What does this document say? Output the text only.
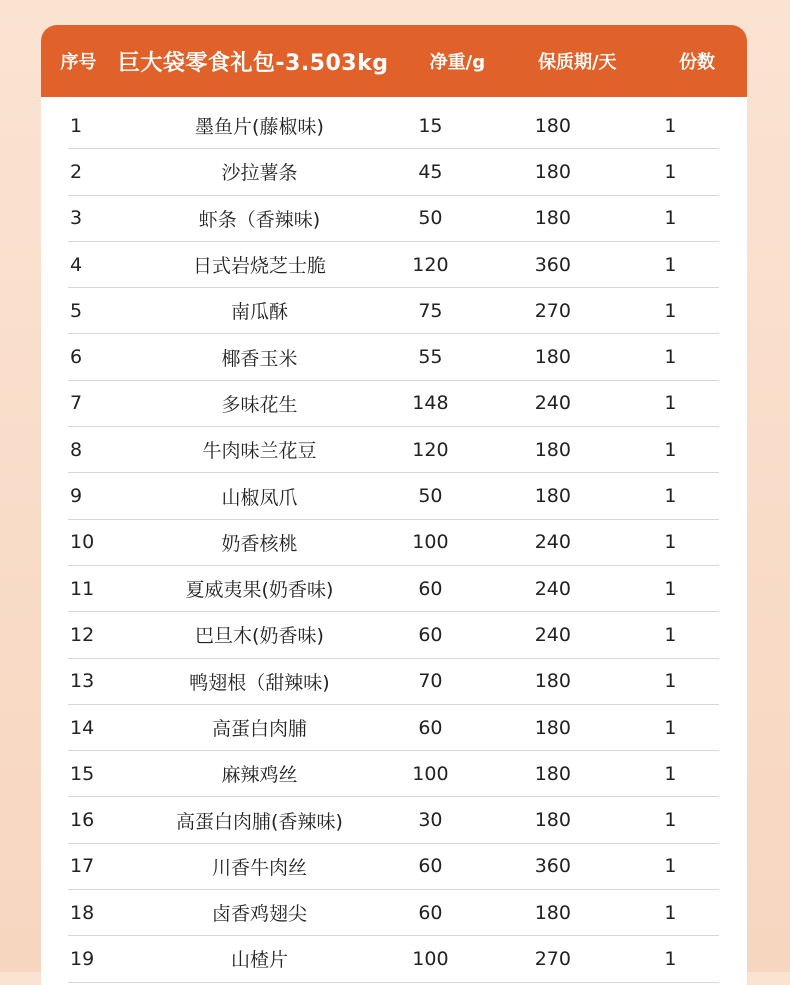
序号 巨大袋零食礼包-3.503kg	净重/g	保质期/天	份数
1	墨鱼片(藤椒味)	15	180	1
2	沙拉薯条	45	180	1
3	虾条（香辣味)	50	180	1
4	日式岩烧芝士脆	120	360	1
5	南瓜酥	75	270	1
6	椰香玉米	55	180	1
7	多味花生	148	240	1
8	牛肉味兰花豆	120	180	1
9	山椒凤爪	50	180	1
10	奶香核桃	100	240	1
11	夏威夷果(奶香味)	60	240	1
12	巴旦木(奶香味)	60	240	1
13	鸭翅根（甜辣味)	70	180	1
14	高蛋白肉脯	60	180	1
15	麻辣鸡丝	100	180	1
16	高蛋白肉脯(香辣味)	30	180	1
17	川香牛肉丝	60	360	1
18	卤香鸡翅尖	60	180	1
19	山楂片	100	270	1
